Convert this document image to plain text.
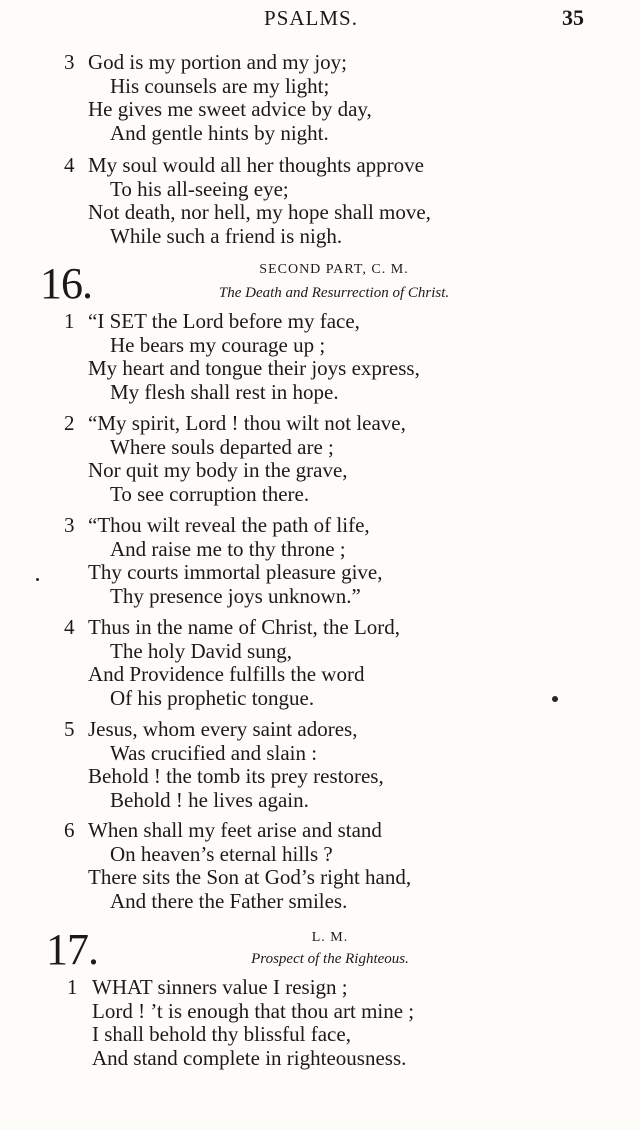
PSALMS.	35
3 God is my portion and my joy;
His counsels are my light;
He gives me sweet advice by day,
And gentle hints by night.
4 My soul would all her thoughts approve
To his all-seeing eye;
Not death, nor hell, my hope shall move,
While such a friend is nigh.
16.	SECOND PART, C. M.
The Death and Resurrection of Christ.
1 “I SET the Lord before my face,
He bears my courage up ;
My heart and tongue their joys express,
My flesh shall rest in hope.
2 “My spirit, Lord ! thou wilt not leave,
Where souls departed are ;
Nor quit my body in the grave,
To see corruption there.
3 “Thou wilt reveal the path of life,
And raise me to thy throne ;
Thy courts immortal pleasure give,
Thy presence joys unknown.”
4 Thus in the name of Christ, the Lord,
The holy David sung,
And Providence fulfills the word
Of his prophetic tongue.
5 Jesus, whom every saint adores,
Was crucified and slain :
Behold ! the tomb its prey restores,
Behold ! he lives again.
6 When shall my feet arise and stand
On heaven’s eternal hills ?
There sits the Son at God’s right hand,
And there the Father smiles.
17.	L. M.
Prospect of the Righteous.
1 WHAT sinners value I resign ;
Lord ! ’t is enough that thou art mine ;
I shall behold thy blissful face,
And stand complete in righteousness.
